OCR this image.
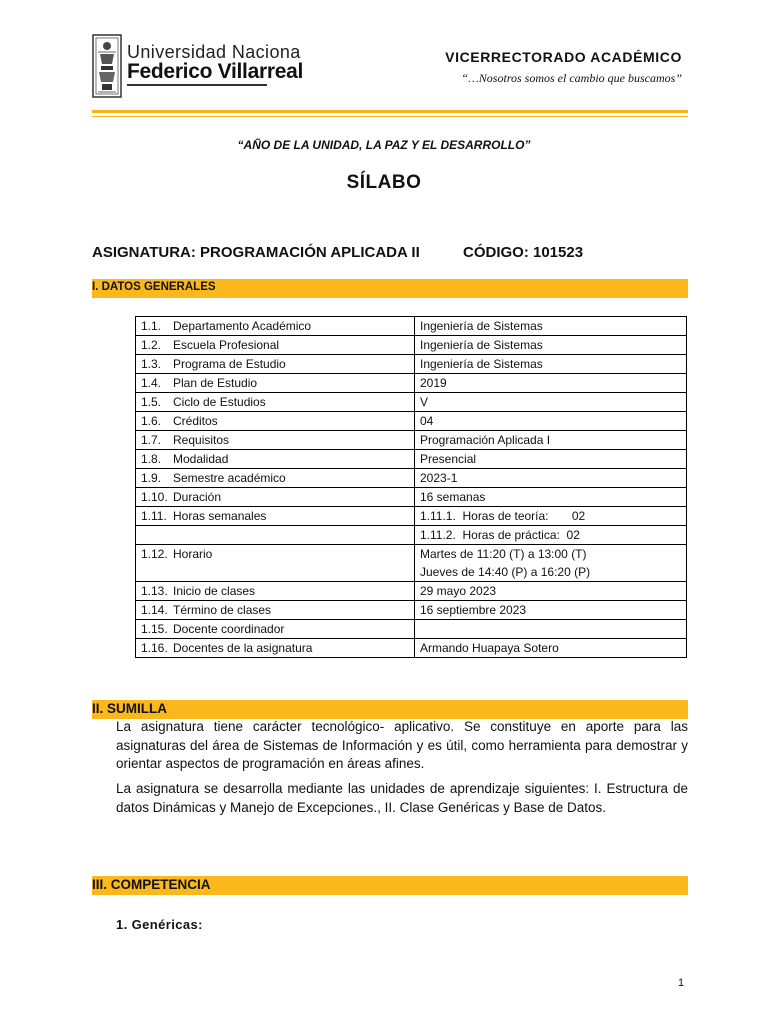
Universidad Naciona
Federico Villarreal
VICERRECTORADO ACADÉMICO
“…Nosotros somos el cambio que buscamos”
“AÑO DE LA UNIDAD, LA PAZ Y EL DESARROLLO”
SÍLABO
ASIGNATURA: PROGRAMACIÓN APLICADA II	CÓDIGO: 101523
I. DATOS GENERALES
1.1. Departamento Académico	Ingeniería de Sistemas

1.2. Escuela Profesional	Ingeniería de Sistemas

1.3. Programa de Estudio	Ingeniería de Sistemas

1.4. Plan de Estudio	2019

1.5. Ciclo de Estudios	V

1.6. Créditos	04

1.7. Requisitos	Programación Aplicada I

1.8. Modalidad	Presencial

1.9. Semestre académico	2023-1

1.10. Duración	16 semanas

1.11. Horas semanales	1.11.1.  Horas de teoría:       02

	1.11.2.  Horas de práctica:  02

1.12. Horario	Martes de 11:20 (T) a 13:00 (T)
Jueves de 14:40 (P) a 16:20 (P)

1.13. Inicio de clases	29 mayo 2023

1.14. Término de clases	16 septiembre 2023

1.15. Docente coordinador	

1.16. Docentes de la asignatura	Armando Huapaya Sotero
II. SUMILLA
La asignatura tiene carácter tecnológico- aplicativo. Se constituye en aporte para las asignaturas del área de Sistemas de Información y es útil, como herramienta para demostrar y orientar aspectos de programación en áreas afines.
La asignatura se desarrolla mediante las unidades de aprendizaje siguientes: I. Estructura de datos Dinámicas y Manejo de Excepciones., II. Clase Genéricas y Base de Datos.
III. COMPETENCIA
1. Genéricas:
1
